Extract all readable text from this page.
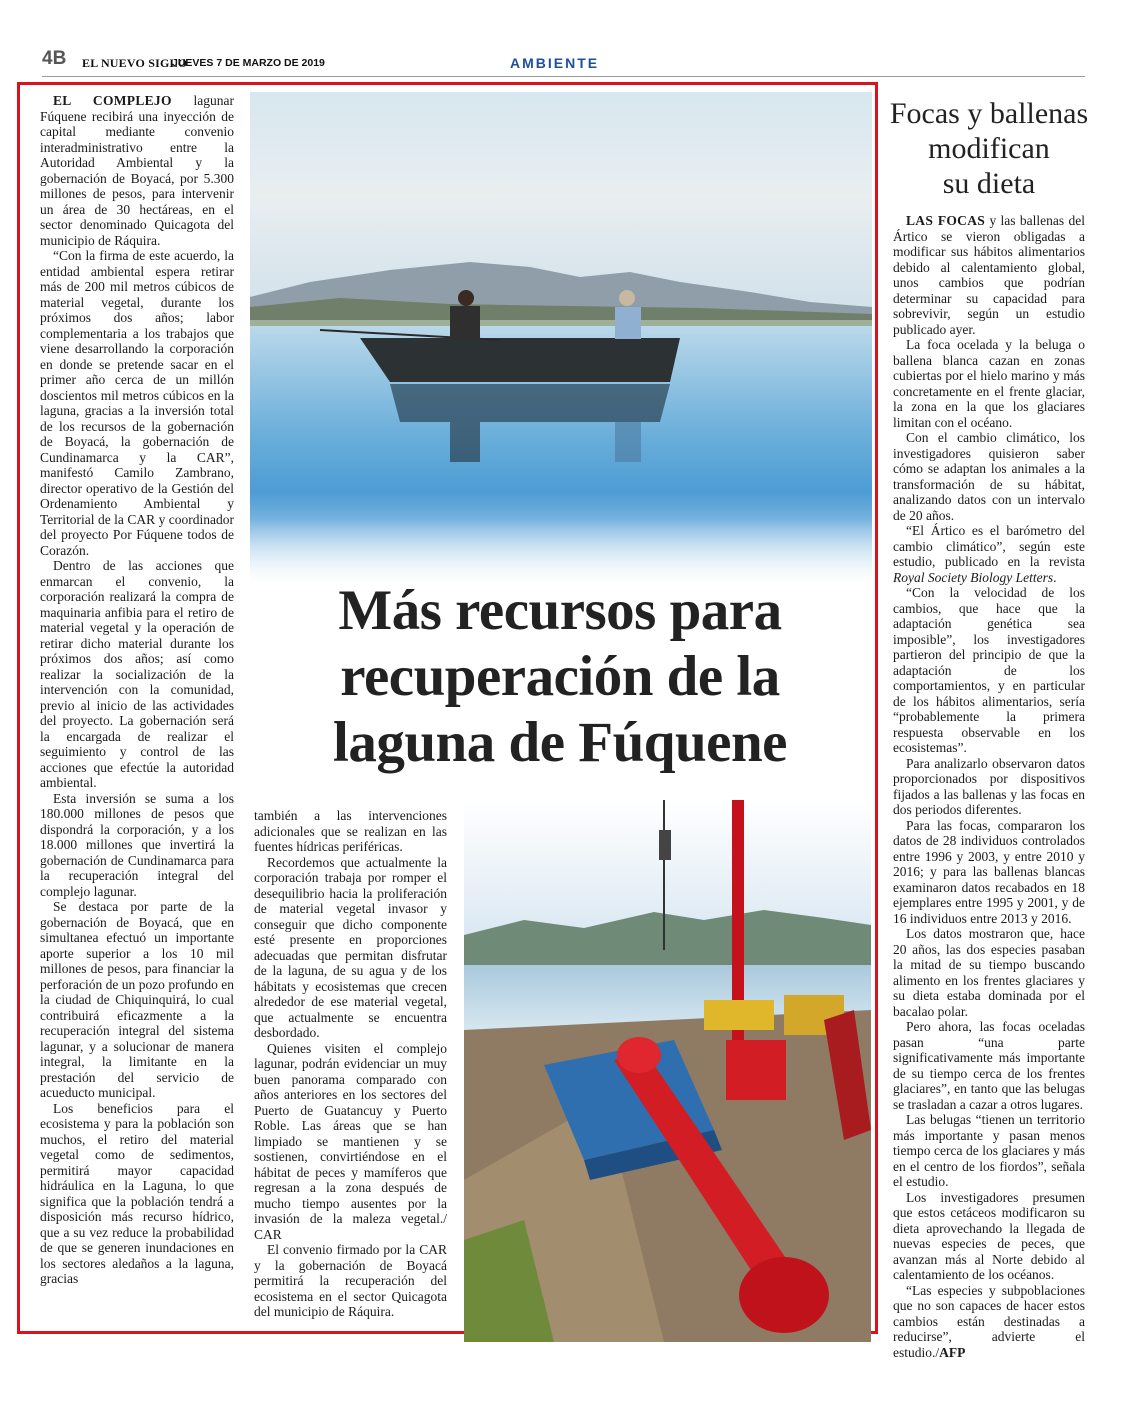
4B EL NUEVO SIGLO
JUEVES 7 DE MARZO DE 2019	AMBIENTE

EL COMPLEJO lagunar Fúquene recibirá una inyección de capital mediante convenio interadministrativo entre la Autoridad Ambiental y la gobernación de Boyacá, por 5.300 millones de pesos, para intervenir un área de 30 hectáreas, en el sector denominado Quicagota del municipio de Ráquira.

“Con la firma de este acuerdo, la entidad ambiental espera retirar más de 200 mil metros cúbicos de material vegetal, durante los próximos dos años; labor complementaria a los trabajos que viene desarrollando la corporación en donde se pretende sacar en el primer año cerca de un millón doscientos mil metros cúbicos en la laguna, gracias a la inversión total de los recursos de la gobernación de Boyacá, la gobernación de Cundinamarca y la CAR”, manifestó Camilo Zambrano, director operativo de la Gestión del Ordenamiento Ambiental y Territorial de la CAR y coordinador del proyecto Por Fúquene todos de Corazón.

Dentro de las acciones que enmarcan el convenio, la corporación realizará la compra de maquinaria anfibia para el retiro de material vegetal y la operación de retirar dicho material durante los próximos dos años; así como realizar la socialización de la intervención con la comunidad, previo al inicio de las actividades del proyecto. La gobernación será la encargada de realizar el seguimiento y control de las acciones que efectúe la autoridad ambiental.

Esta inversión se suma a los 180.000 millones de pesos que dispondrá la corporación, y a los 18.000 millones que invertirá la gobernación de Cundinamarca para la recuperación integral del complejo lagunar.

Se destaca por parte de la gobernación de Boyacá, que en simultanea efectuó un importante aporte superior a los 10 mil millones de pesos, para financiar la perforación de un pozo profundo en la ciudad de Chiquinquirá, lo cual contribuirá eficazmente a la recuperación integral del sistema lagunar, y a solucionar de manera integral, la limitante en la prestación del servicio de acueducto municipal.

Los beneficios para el ecosistema y para la población son muchos, el retiro del material vegetal como de sedimentos, permitirá mayor capacidad hidráulica en la Laguna, lo que significa que la población tendrá a disposición más recurso hídrico, que a su vez reduce la probabilidad de que se generen inundaciones en los sectores aledaños a la laguna, gracias

Más recursos para recuperación de la laguna de Fúquene

también a las intervenciones adicionales que se realizan en las fuentes hídricas periféricas.

Recordemos que actualmente la corporación trabaja por romper el desequilibrio hacia la proliferación de material vegetal invasor y conseguir que dicho componente esté presente en proporciones adecuadas que permitan disfrutar de la laguna, de su agua y de los hábitats y ecosistemas que crecen alrededor de ese material vegetal, que actualmente se encuentra desbordado.

Quienes visiten el complejo lagunar, podrán evidenciar un muy buen panorama comparado con años anteriores en los sectores del Puerto de Guatancuy y Puerto Roble. Las áreas que se han limpiado se mantienen y se sostienen, convirtiéndose en el hábitat de peces y mamíferos que regresan a la zona después de mucho tiempo ausentes por la invasión de la maleza vegetal./ CAR

El convenio firmado por la CAR y la gobernación de Boyacá permitirá la recuperación del ecosistema en el sector Quicagota del municipio de Ráquira.

Focas y ballenas
modifican
su dieta

LAS FOCAS y las ballenas del Ártico se vieron obligadas a modificar sus hábitos alimentarios debido al calentamiento global, unos cambios que podrían determinar su capacidad para sobrevivir, según un estudio publicado ayer.

La foca ocelada y la beluga o ballena blanca cazan en zonas cubiertas por el hielo marino y más concretamente en el frente glaciar, la zona en la que los glaciares limitan con el océano.

Con el cambio climático, los investigadores quisieron saber cómo se adaptan los animales a la transformación de su hábitat, analizando datos con un intervalo de 20 años.

“El Ártico es el barómetro del cambio climático”, según este estudio, publicado en la revista Royal Society Biology Letters.

“Con la velocidad de los cambios, que hace que la adaptación genética sea imposible”, los investigadores partieron del principio de que la adaptación de los comportamientos, y en particular de los hábitos alimentarios, sería “probablemente la primera respuesta observable en los ecosistemas”.

Para analizarlo observaron datos proporcionados por dispositivos fijados a las ballenas y las focas en dos periodos diferentes.

Para las focas, compararon los datos de 28 individuos controlados entre 1996 y 2003, y entre 2010 y 2016; y para las ballenas blancas examinaron datos recabados en 18 ejemplares entre 1995 y 2001, y de 16 individuos entre 2013 y 2016.

Los datos mostraron que, hace 20 años, las dos especies pasaban la mitad de su tiempo buscando alimento en los frentes glaciares y su dieta estaba dominada por el bacalao polar.

Pero ahora, las focas oceladas pasan “una parte significativamente más importante de su tiempo cerca de los frentes glaciares”, en tanto que las belugas se trasladan a cazar a otros lugares.

Las belugas “tienen un territorio más importante y pasan menos tiempo cerca de los glaciares y más en el centro de los fiordos”, señala el estudio.

Los investigadores presumen que estos cetáceos modificaron su dieta aprovechando la llegada de nuevas especies de peces, que avanzan más al Norte debido al calentamiento de los océanos.

“Las especies y subpoblaciones que no son capaces de hacer estos cambios están destinadas a reducirse”, advierte el estudio./AFP
